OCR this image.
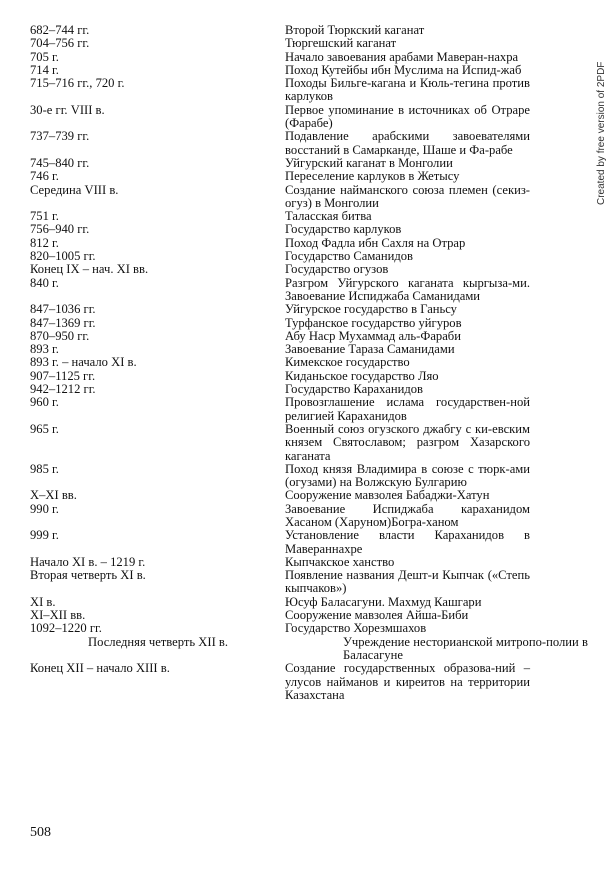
682–744 гг.	Второй Тюркский каганат
704–756 гг.	Тюргешский каганат
705 г.	Начало завоевания арабами Маверан-нахра
714 г.	Поход Кутейбы ибн Муслима на Испид-жаб
715–716 гг., 720 г.	Походы Бильге-кагана и Кюль-тегина против карлуков
30-е гг. VIII в.	Первое упоминание в источниках об Отраре (Фарабе)
737–739 гг.	Подавление арабскими завоевателями восстаний в Самарканде, Шаше и Фа-рабе
745–840 гг.	Уйгурский каганат в Монголии
746 г.	Переселение карлуков в Жетысу
Середина VIII в.	Создание найманского союза племен (секиз-огуз) в Монголии
751 г.	Таласская битва
756–940 гг.	Государство карлуков
812 г.	Поход Фадла ибн Сахля на Отрар
820–1005 гг.	Государство Саманидов
Конец IX – нач. XI вв.	Государство огузов
840 г.	Разгром Уйгурского каганата кыргыза-ми. Завоевание Испиджаба Саманидами
847–1036 гг.	Уйгурское государство в Ганьсу
847–1369 гг.	Турфанское государство уйгуров
870–950 гг.	Абу Наср Мухаммад аль-Фараби
893 г.	Завоевание Тараза Саманидами
893 г. – начало XI в.	Кимекское государство
907–1125 гг.	Киданьское государство Ляо
942–1212 гг.	Государство Караханидов
960 г.	Провозглашение ислама государствен-ной религией Караханидов
965 г.	Военный союз огузского джабгу с ки-евским князем Святославом; разгром Хазарского каганата
985 г.	Поход князя Владимира в союзе с тюрк-ами (огузами) на Волжскую Булгарию
X–XI вв.	Сооружение мавзолея Бабаджи-Хатун
990 г.	Завоевание Испиджаба караханидом Хасаном (Харуном)Богра-ханом
999 г.	Установление власти Караханидов в Мавераннахре
Начало XI в. – 1219 г.	Кыпчакское ханство
Вторая четверть XI в.	Появление названия Дешт-и Кыпчак («Степь кыпчаков»)
XI в.	Юсуф Баласагуни. Махмуд Кашгари
XI–XII вв.	Сооружение мавзолея Айша-Биби
1092–1220 гг.	Государство Хорезмшахов
Последняя четверть XII в.	Учреждение несторианской митропо-полии в Баласагуне
Конец XII – начало XIII в.	Создание государственных образова-ний – улусов найманов и киреитов на территории Казахстана
508
Created by free version of 2PDF
